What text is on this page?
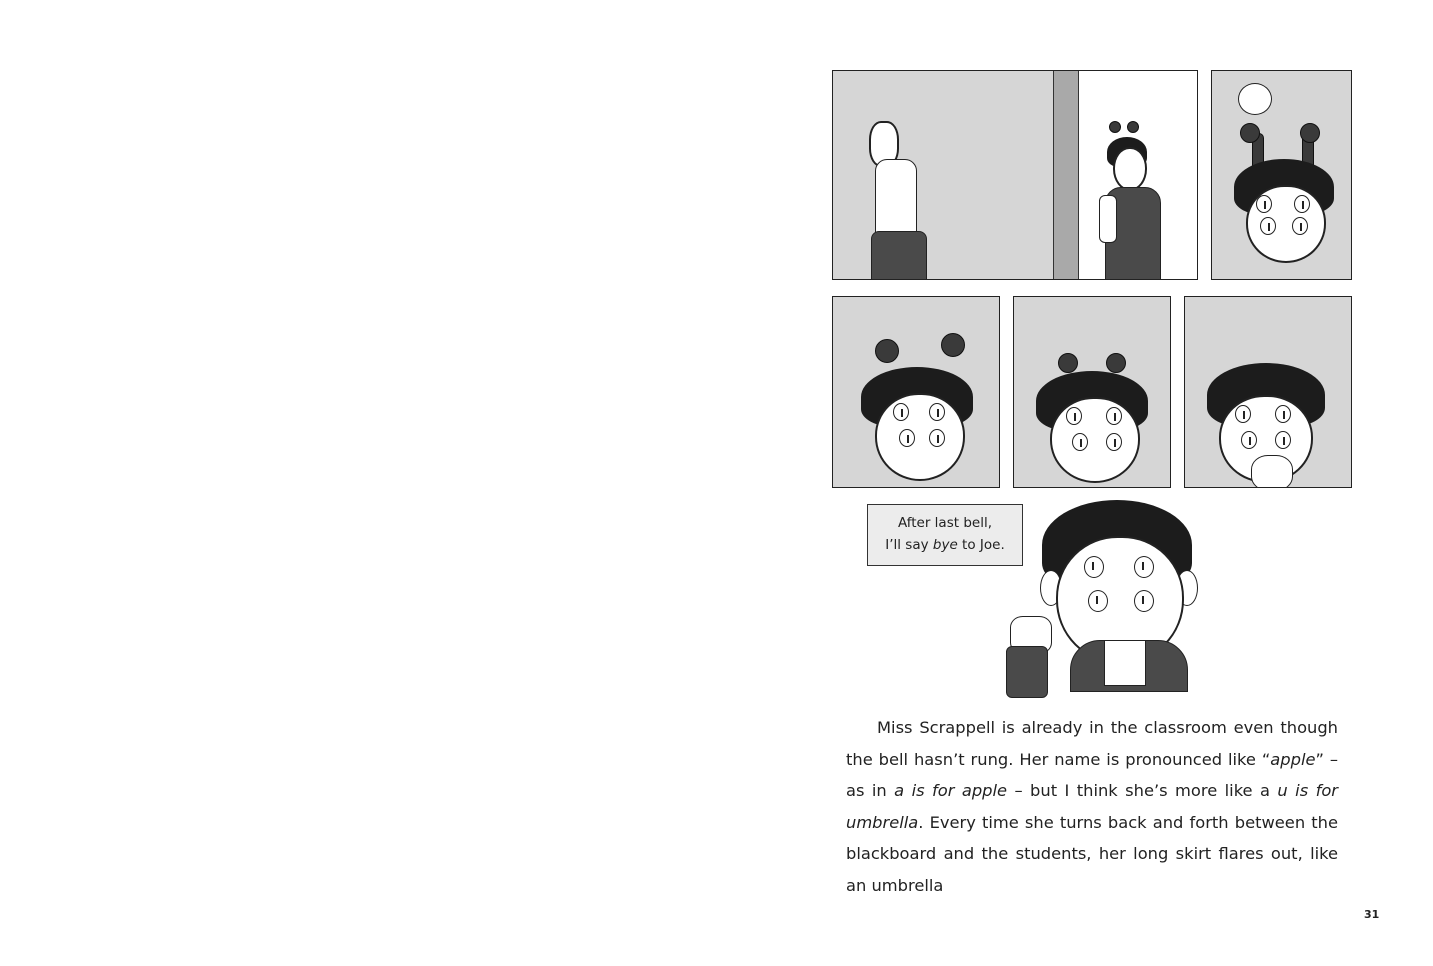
After last bell,
I’ll say bye to Joe.

Miss Scrappell is already in the classroom even though the bell hasn’t rung. Her name is pronounced like “apple” – as in a is for apple – but I think she’s more like a u is for umbrella. Every time she turns back and forth between the blackboard and the students, her long skirt flares out, like an umbrella

31
